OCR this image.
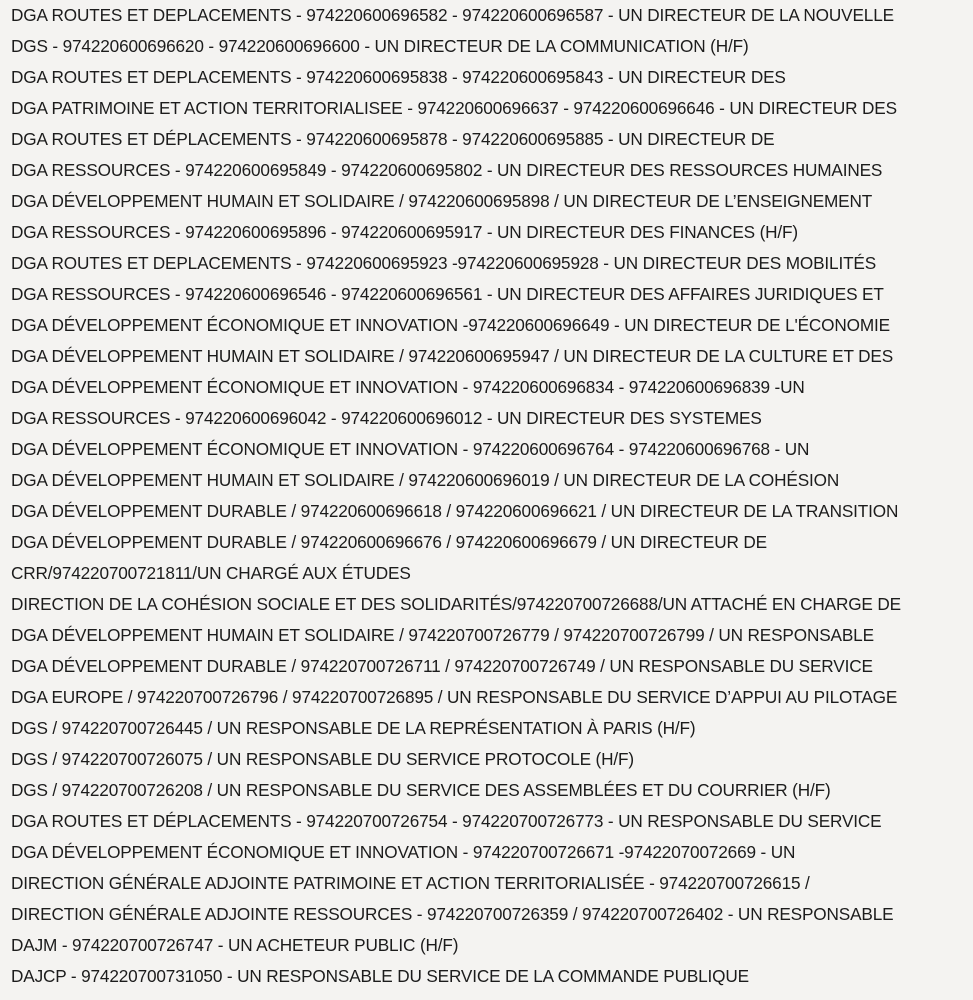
DGA ROUTES ET DEPLACEMENTS - 974220600696582 - 974220600696587 - UN DIRECTEUR DE LA NOUVELLE
DGS - 974220600696620 - 974220600696600 - UN DIRECTEUR DE LA COMMUNICATION (H/F)
DGA ROUTES ET DEPLACEMENTS - 974220600695838 - 974220600695843 - UN DIRECTEUR DES
DGA PATRIMOINE ET ACTION TERRITORIALISEE - 974220600696637 - 974220600696646 - UN DIRECTEUR DES
DGA ROUTES ET DÉPLACEMENTS - 974220600695878 - 974220600695885 - UN DIRECTEUR DE
DGA RESSOURCES - 974220600695849 - 974220600695802 - UN DIRECTEUR DES RESSOURCES HUMAINES
DGA DÉVELOPPEMENT HUMAIN ET SOLIDAIRE / 974220600695898 / UN DIRECTEUR DE L’ENSEIGNEMENT
DGA RESSOURCES - 974220600695896 - 974220600695917 - UN DIRECTEUR DES FINANCES (H/F)
DGA ROUTES ET DEPLACEMENTS - 974220600695923 -974220600695928 - UN DIRECTEUR DES MOBILITÉS
DGA RESSOURCES - 974220600696546 - 974220600696561 - UN DIRECTEUR DES AFFAIRES JURIDIQUES ET
DGA DÉVELOPPEMENT ÉCONOMIQUE ET INNOVATION -974220600696649 - UN DIRECTEUR DE L'ÉCONOMIE
DGA DÉVELOPPEMENT HUMAIN ET SOLIDAIRE / 974220600695947 / UN DIRECTEUR DE LA CULTURE ET DES
DGA DÉVELOPPEMENT ÉCONOMIQUE ET INNOVATION - 974220600696834 - 974220600696839 -UN
DGA RESSOURCES - 974220600696042 - 974220600696012 - UN DIRECTEUR DES SYSTEMES
DGA DÉVELOPPEMENT ÉCONOMIQUE ET INNOVATION - 974220600696764 - 974220600696768 - UN
DGA DÉVELOPPEMENT HUMAIN ET SOLIDAIRE / 974220600696019 / UN DIRECTEUR DE LA COHÉSION
DGA DÉVELOPPEMENT DURABLE / 974220600696618 / 974220600696621 / UN DIRECTEUR DE LA TRANSITION
DGA DÉVELOPPEMENT DURABLE / 974220600696676 / 974220600696679 / UN DIRECTEUR DE
CRR/974220700721811/UN CHARGÉ AUX ÉTUDES
DIRECTION DE LA COHÉSION SOCIALE ET DES SOLIDARITÉS/974220700726688/UN ATTACHÉ EN CHARGE DE
DGA DÉVELOPPEMENT HUMAIN ET SOLIDAIRE / 974220700726779 / 974220700726799 / UN RESPONSABLE
DGA DÉVELOPPEMENT DURABLE / 974220700726711 / 974220700726749 / UN RESPONSABLE DU SERVICE
DGA EUROPE / 974220700726796 / 974220700726895 / UN RESPONSABLE DU SERVICE D’APPUI AU PILOTAGE
DGS / 974220700726445 / UN RESPONSABLE DE LA REPRÉSENTATION À PARIS (H/F)
DGS / 974220700726075 / UN RESPONSABLE DU SERVICE PROTOCOLE (H/F)
DGS / 974220700726208 / UN RESPONSABLE DU SERVICE DES ASSEMBLÉES ET DU COURRIER (H/F)
DGA ROUTES ET DÉPLACEMENTS - 974220700726754 - 974220700726773 - UN RESPONSABLE DU SERVICE
DGA DÉVELOPPEMENT ÉCONOMIQUE ET INNOVATION - 974220700726671 -97422070072669 - UN
DIRECTION GÉNÉRALE ADJOINTE PATRIMOINE ET ACTION TERRITORIALISÉE - 974220700726615 /
DIRECTION GÉNÉRALE ADJOINTE RESSOURCES - 974220700726359 / 974220700726402 - UN RESPONSABLE
DAJM - 974220700726747 - UN ACHETEUR PUBLIC (H/F)
DAJCP - 974220700731050 - UN RESPONSABLE DU SERVICE DE LA COMMANDE PUBLIQUE
